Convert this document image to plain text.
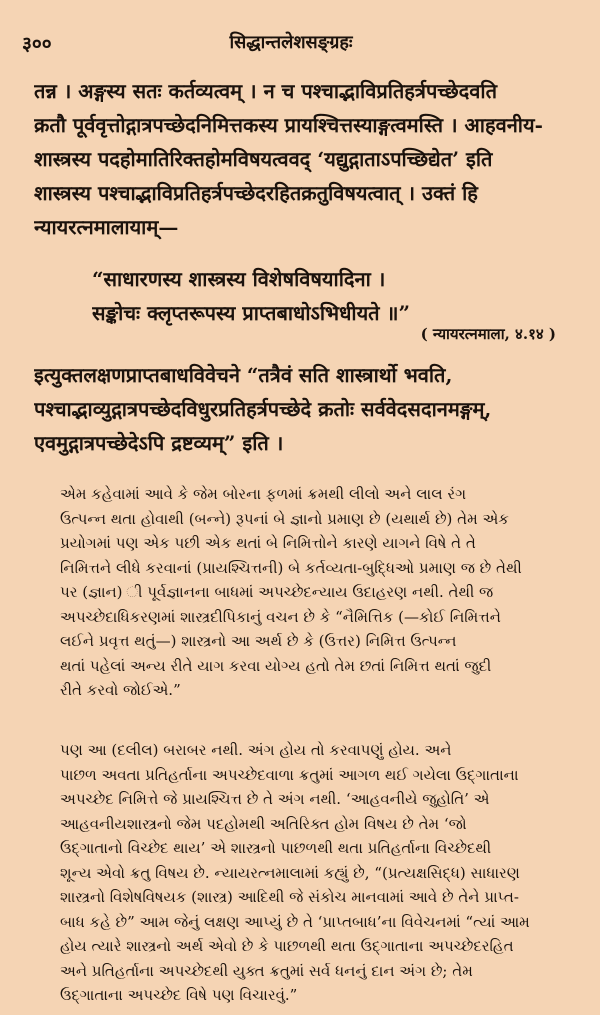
सिद्धान्तलेशसङ्ग्रहः
३००
तन्न । अङ्गस्य सतः कर्तव्यत्वम् । न च पश्चाद्भाविप्रतिहर्त्रपच्छेदवति
क्रतौ पूर्ववृत्तोद्गात्रपच्छेदनिमित्तकस्य प्रायश्चित्तस्याङ्गत्वमस्ति । आहवनीय-
शास्त्रस्य पदहोमातिरिक्तहोमविषयत्ववद् ‘यद्युद्गाताऽपच्छिद्येत’ इति
शास्त्रस्य पश्चाद्भाविप्रतिहर्त्रपच्छेदरहितक्रतुविषयत्वात् । उक्तं हि
न्यायरत्नमालायाम्—
“साधारणस्य शास्त्रस्य विशेषविषयादिना ।
सङ्कोचः क्लृप्तरूपस्य प्राप्तबाधोऽभिधीयते ॥”
( न्यायरत्नमाला, ४.१४ )
इत्युक्तलक्षणप्राप्तबाधविवेचने “तत्रैवं सति शास्त्रार्थो भवति,
पश्चाद्भाव्युद्गात्रपच्छेदविधुरप्रतिहर्त्रपच्छेदे क्रतोः सर्ववेदसदानमङ्गम्,
एवमुद्गात्रपच्छेदेऽपि द्रष्टव्यम्” इति ।
એમ કહેવામાં આવે કે જેમ બોરના ફળમાં ક્રમથી લીલો અને લાલ રંગ
ઉત્પન્ન થતા હોવાથી (બન્ને) રૂપનાં બે જ્ઞાનો પ્રમાણ છે (યથાર્થ છે) તેમ એક
પ્રયોગમાં પણ એક પછી એક થતાં બે નિમિત્તોને કારણે યાગને વિષે તે તે
નિમિત્તને લીધે કરવાનાં (પ્રાયશ્ચિત્તની) બે કર્તવ્યતા-બુદ્ધિઓ પ્રમાણ જ છે તેથી
પર (જ્ઞાન) ી પૂર્વજ્ઞાનના બાધમાં અપચ્છેદન્યાય ઉદાહરણ નથી. તેથી જ
અપચ્છેદાધિકરણમાં શાસ્ત્રદીપિકાનું વચન છે કે “નૈમિત્તિક (—કોઈ નિમિત્તને
લઈને પ્રવૃત્ત થતું—) શાસ્ત્રનો આ અર્થ છે કે (ઉત્તર) નિમિત્ત ઉત્પન્ન
થતાં પહેલાં અન્ય રીતે યાગ કરવા યોગ્ય હતો તેમ છતાં નિમિત્ત થતાં જુદી
રીતે કરવો જોઈએ.”
પણ આ (દલીલ) બરાબર નથી. અંગ હોય તો કરવાપણું હોય. અને
પાછળ અવતા પ્રતિહર્તાના અપચ્છેદવાળા ક્રતુમાં આગળ થઈ ગયેલા ઉદ્ગાતાના
અપચ્છેદ નિમિત્તે જે પ્રાયશ્ચિત્ત છે તે અંગ નથી. ‘આહવનીયે જુહોતિ’ એ
આહવનીયશાસ્ત્રનો જેમ પદહોમથી અતિરિક્ત હોમ વિષય છે તેમ ‘જો
ઉદ્ગાતાનો વિચ્છેદ થાય’ એ શાસ્ત્રનો પાછળથી થતા પ્રતિહર્તાના વિચ્છેદથી
શૂન્ય એવો ક્રતુ વિષય છે. ન્યાયરત્નમાલામાં કહ્યું છે, “(પ્રત્યક્ષસિદ્ધ) સાધારણ
શાસ્ત્રનો વિશેષવિષયક (શાસ્ત્ર) આદિથી જે સંકોચ માનવામાં આવે છે તેને પ્રાપ્ત-
બાધ કહે છે” આમ જેનું લક્ષણ આપ્યું છે તે ‘પ્રાપ્તબાધ’ના વિવેચનમાં “ત્યાં આમ
હોય ત્યારે શાસ્ત્રનો અર્થ એવો છે કે પાછળથી થતા ઉદ્ગાતાના અપચ્છેદરહિત
અને પ્રતિહર્તાના અપચ્છેદથી યુક્ત ક્રતુમાં સર્વ ધનનું દાન અંગ છે; તેમ
ઉદ્ગાતાના અપચ્છેદ વિષે પણ વિચારવું.”
